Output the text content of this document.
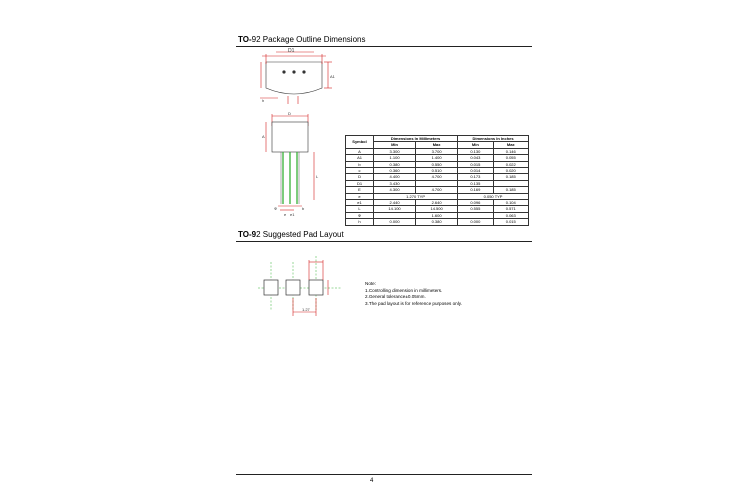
TO-92 Package Outline Dimensions
D1
A1
h
D
A
L
b
e e1
Φ
Symbol	Dimensions In Millimeters		Dimensions In Inches	
	Min	Max	Min	Max
A	3.300	3.700	0.130	0.146
A1	1.100	1.400	0.043	0.055
b	0.380	0.550	0.015	0.022
c	0.360	0.510	0.014	0.020
D	4.400	4.700	0.173	0.185
D1	3.430		0.135	
E	4.300	4.700	0.169	0.185
e	1.270 TYP		0.050 TYP	
e1	2.440	2.640	0.096	0.104
L	14.100	14.500	0.555	0.571
Φ		1.600		0.063
h	0.000	0.380	0.000	0.015
TO-92 Suggested Pad Layout
1.27
Note:
1.Controlling dimension in millimeters.
2.General tolerance±0.05mm.
3.The pad layout is for reference purposes only.
4
